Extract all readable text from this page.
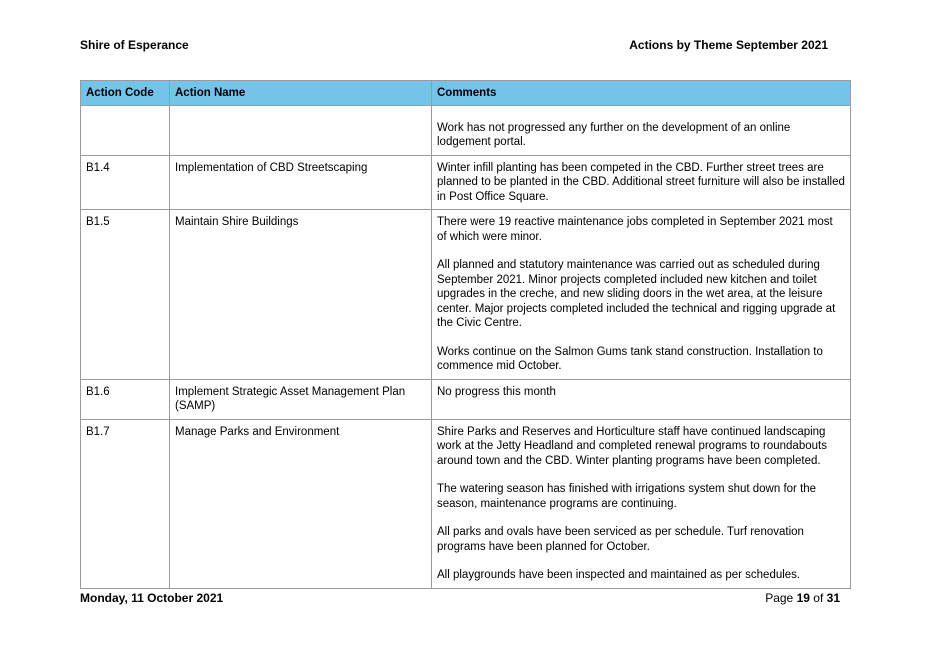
Shire of Esperance	Actions by Theme September 2021
Action Code	Action Name	Comments

		Work has not progressed any further on the development of an online lodgement portal.

B1.4	Implementation of CBD Streetscaping	Winter infill planting has been competed in the CBD. Further street trees are planned to be planted in the CBD. Additional street furniture will also be installed in Post Office Square.

B1.5	Maintain Shire Buildings	There were 19 reactive maintenance jobs completed in September 2021 most of which were minor.

All planned and statutory maintenance was carried out as scheduled during September 2021. Minor projects completed included new kitchen and toilet upgrades in the creche, and new sliding doors in the wet area, at the leisure center. Major projects completed included the technical and rigging upgrade at the Civic Centre.

Works continue on the Salmon Gums tank stand construction. Installation to commence mid October.

B1.6	Implement Strategic Asset Management Plan (SAMP)	No progress this month

B1.7	Manage Parks and Environment	Shire Parks and Reserves and Horticulture staff have continued landscaping work at the Jetty Headland and completed renewal programs to roundabouts around town and the CBD. Winter planting programs have been completed.

The watering season has finished with irrigations system shut down for the season, maintenance programs are continuing.

All parks and ovals have been serviced as per schedule. Turf renovation programs have been planned for October.

All playgrounds have been inspected and maintained as per schedules.

Monday, 11 October 2021	Page 19 of 31
